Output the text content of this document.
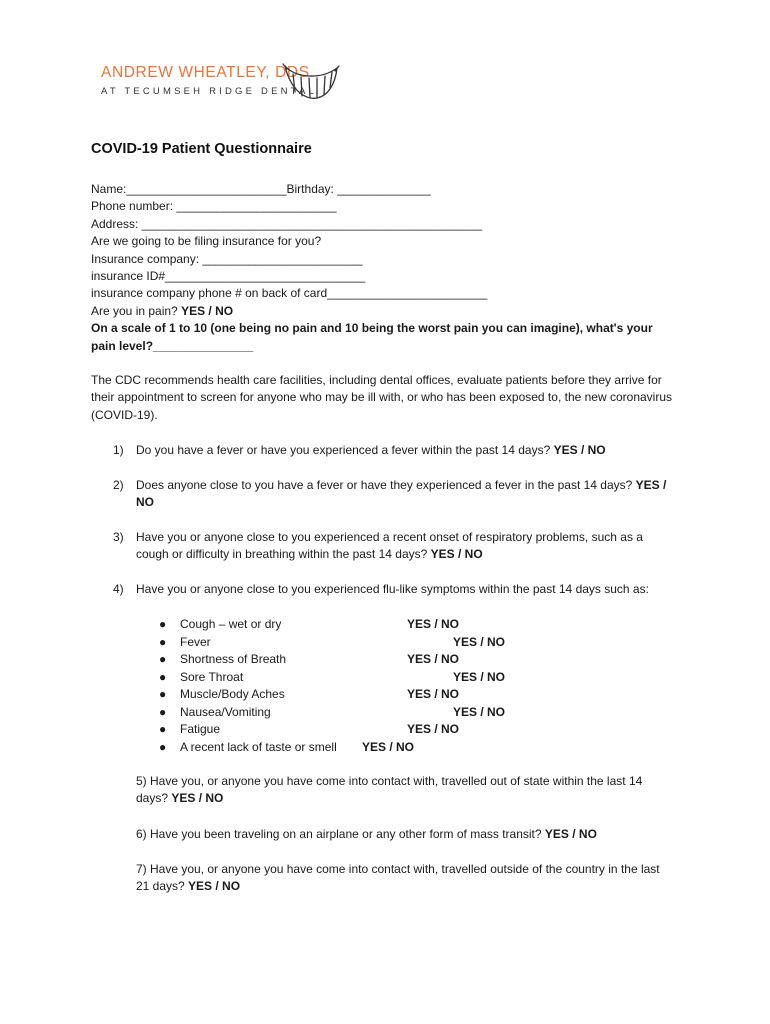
ANDREW WHEATLEY, DDS
AT TECUMSEH RIDGE DENTAL
COVID-19 Patient Questionnaire
Name:________________________Birthday: ______________
Phone number: ________________________
Address: ___________________________________________________
Are we going to be filing insurance for you?
Insurance company: ________________________
insurance ID#______________________________
insurance company phone # on back of card________________________
Are you in pain? YES / NO
On a scale of 1 to 10 (one being no pain and 10 being the worst pain you can imagine), what's your pain level?_______________

The CDC recommends health care facilities, including dental offices, evaluate patients before they arrive for their appointment to screen for anyone who may be ill with, or who has been exposed to, the new coronavirus (COVID-19).

1) Do you have a fever or have you experienced a fever within the past 14 days? YES / NO
2) Does anyone close to you have a fever or have they experienced a fever in the past 14 days? YES / NO
3) Have you or anyone close to you experienced a recent onset of respiratory problems, such as a cough or difficulty in breathing within the past 14 days? YES / NO
4) Have you or anyone close to you experienced flu-like symptoms within the past 14 days such as:
● Cough – wet or dry	YES / NO
● Fever	YES / NO
● Shortness of Breath	YES / NO
● Sore Throat	YES / NO
● Muscle/Body Aches	YES / NO
● Nausea/Vomiting	YES / NO
● Fatigue	YES / NO
● A recent lack of taste or smell YES / NO
5) Have you, or anyone you have come into contact with, travelled out of state within the last 14 days? YES / NO
6) Have you been traveling on an airplane or any other form of mass transit? YES / NO
7) Have you, or anyone you have come into contact with, travelled outside of the country in the last 21 days? YES / NO
